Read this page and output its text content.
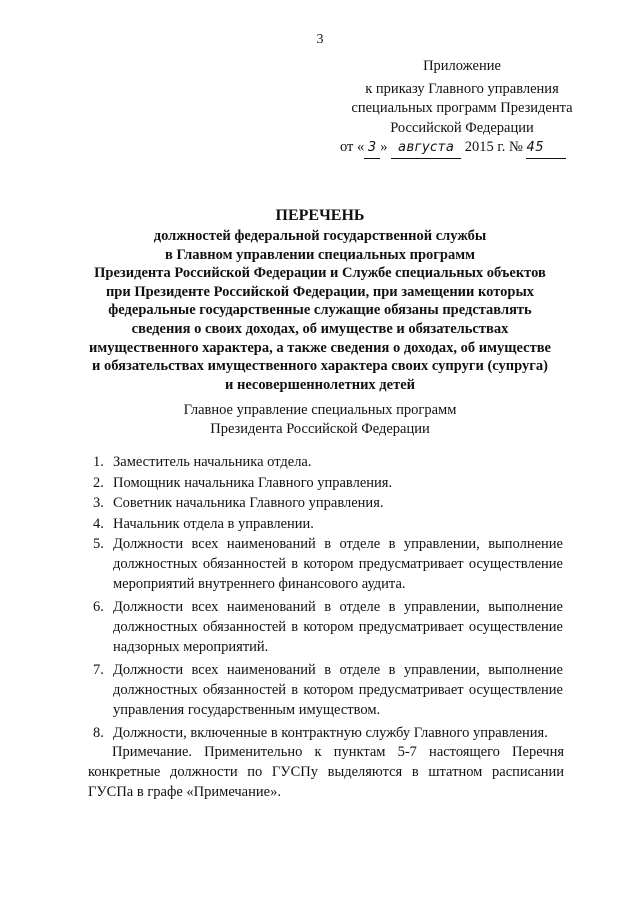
3
Приложение
к приказу Главного управления
специальных программ Президента
Российской Федерации
от « 3 » августа 2015 г. № 45
ПЕРЕЧЕНЬ
должностей федеральной государственной службы
в Главном управлении специальных программ
Президента Российской Федерации и Службе специальных объектов
при Президенте Российской Федерации, при замещении которых
федеральные государственные служащие обязаны представлять
сведения о своих доходах, об имуществе и обязательствах
имущественного характера, а также сведения о доходах, об имуществе
и обязательствах имущественного характера своих супруги (супруга)
и несовершеннолетних детей
Главное управление специальных программ
Президента Российской Федерации
1. Заместитель начальника отдела.
2. Помощник начальника Главного управления.
3. Советник начальника Главного управления.
4. Начальник отдела в управлении.
5. Должности всех наименований в отделе в управлении, выполнение должностных обязанностей в котором предусматривает осуществление мероприятий внутреннего финансового аудита.
6. Должности всех наименований в отделе в управлении, выполнение должностных обязанностей в котором предусматривает осуществление надзорных мероприятий.
7. Должности всех наименований в отделе в управлении, выполнение должностных обязанностей в котором предусматривает осуществление управления государственным имуществом.
8. Должности, включенные в контрактную службу Главного управления.
Примечание. Применительно к пунктам 5-7 настоящего Перечня конкретные должности по ГУСПу выделяются в штатном расписании ГУСПа в графе «Примечание».
